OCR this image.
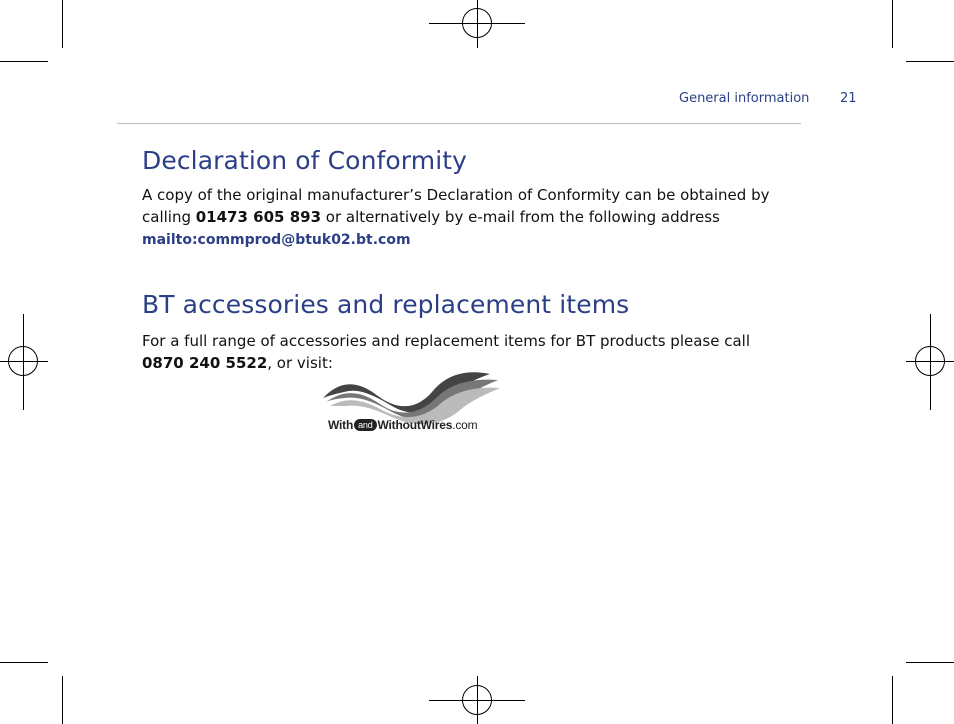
General information 21
Declaration of Conformity
A copy of the original manufacturer’s Declaration of Conformity can be obtained by calling 01473 605 893 or alternatively by e-mail from the following address
mailto:commprod@btuk02.bt.com
BT accessories and replacement items
For a full range of accessories and replacement items for BT products please call
0870 240 5522, or visit:
With and WithoutWires.com
